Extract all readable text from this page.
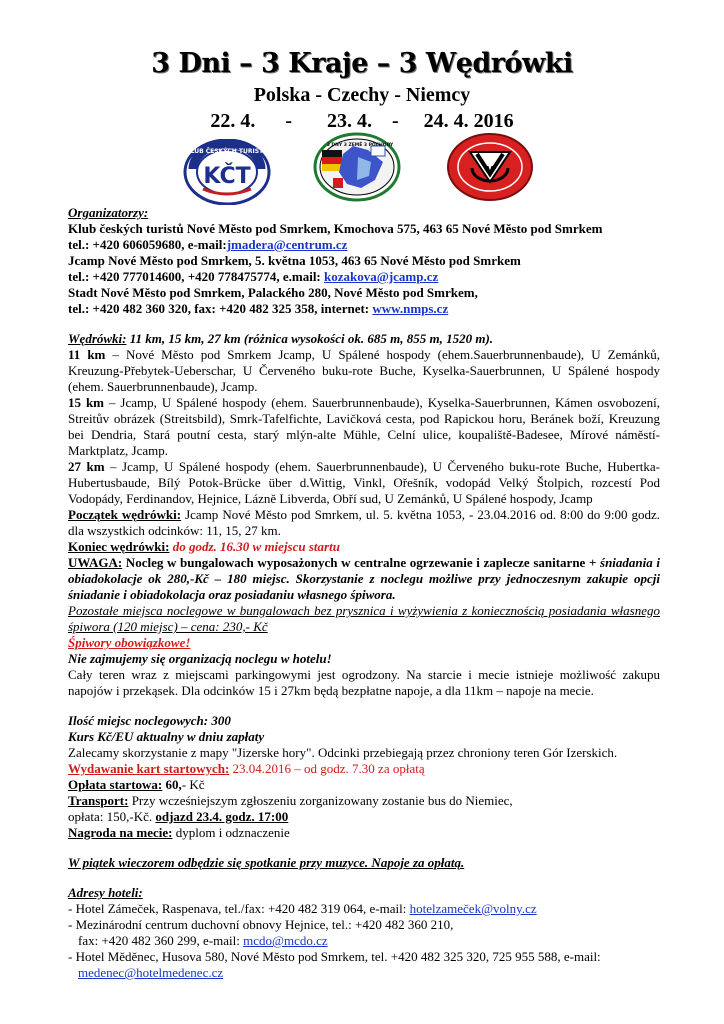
3 Dni – 3 Kraje – 3 Wędrówki
Polska - Czechy - Niemcy
22. 4. - 23. 4. - 24. 4. 2016
KLUB ČESKÝCH TURISTŮ
KČT
3 DNY 3 ZEMĚ 3 POCHODY
V

Organizatorzy:

Klub českých turistů Nové Město pod Smrkem, Kmochova 575, 463 65 Nové Město pod Smrkem

tel.: +420 606059680, e-mail:jmadera@centrum.cz

Jcamp Nové Město pod Smrkem, 5. května 1053, 463 65 Nové Město pod Smrkem

tel.: +420 777014600, +420 778475774, e.mail: kozakova@jcamp.cz

Stadt Nové Město pod Smrkem, Palackého 280, Nové Město pod Smrkem,

tel.: +420 482 360 320, fax: +420 482 325 358, internet: www.nmps.cz

Wędrówki: 11 km, 15 km, 27 km (różnica wysokości ok. 685 m, 855 m, 1520 m).

11 km – Nové Město pod Smrkem Jcamp, U Spálené hospody (ehem.Sauerbrunnenbaude), U Zemánků, Kreuzung-Přebytek-Ueberschar, U Červeného buku-rote Buche, Kyselka-Sauerbrunnen, U Spálené hospody (ehem. Sauerbrunnenbaude), Jcamp.

15 km – Jcamp, U Spálené hospody (ehem. Sauerbrunnenbaude), Kyselka-Sauerbrunnen, Kámen osvobození, Streitův obrázek (Streitsbild), Smrk-Tafelfichte, Lavičková cesta, pod Rapickou horu, Beránek boží, Kreuzung bei Dendria, Stará poutní cesta, starý mlýn-alte Mühle, Celní ulice, koupaliště-Badesee, Mírové náměstí-Marktplatz, Jcamp.

27 km – Jcamp, U Spálené hospody (ehem. Sauerbrunnenbaude), U Červeného buku-rote Buche, Hubertka-Hubertusbaude, Bílý Potok-Brücke über d.Wittig, Vinkl, Ořešník, vodopád Velký Štolpich, rozcestí Pod Vodopády, Ferdinandov, Hejnice, Lázně Libverda, Obří sud, U Zemánků, U Spálené hospody, Jcamp

Początek wędrówki: Jcamp Nové Město pod Smrkem, ul. 5. května 1053, - 23.04.2016 od. 8:00 do 9:00 godz. dla wszystkich odcinków: 11, 15, 27 km.

Koniec wędrówki: do godz. 16.30 w miejscu startu

UWAGA: Nocleg w bungalowach wyposażonych w centralne ogrzewanie i zaplecze sanitarne + śniadania i obiadokolacje ok 280,-Kč – 180 miejsc. Skorzystanie z noclegu możliwe przy jednoczesnym zakupie opcji śniadanie i obiadokolacja oraz posiadaniu własnego śpiwora.

Pozostałe miejsca noclegowe w bungalowach bez prysznica i wyżywienia z koniecznością posiadania własnego śpiwora (120 miejsc) – cena: 230,- Kč

Śpiwory obowiązkowe!

Nie zajmujemy się organizacją noclegu w hotelu!

Cały teren wraz z miejscami parkingowymi jest ogrodzony. Na starcie i mecie istnieje możliwość zakupu napojów i przekąsek. Dla odcinków 15 i 27km będą bezpłatne napoje, a dla 11km – napoje na mecie.

Ilość miejsc noclegowych: 300

Kurs Kč/EU aktualny w dniu zapłaty

Zalecamy skorzystanie z mapy "Jizerske hory". Odcinki przebiegają przez chroniony teren Gór Izerskich.

Wydawanie kart startowych: 23.04.2016 – od godz. 7.30 za opłatą

Opłata startowa: 60,- Kč

Transport: Przy wcześniejszym zgłoszeniu zorganizowany zostanie bus do Niemiec,

opłata: 150,-Kč. odjazd 23.4. godz. 17:00

Nagroda na mecie: dyplom i odznaczenie

W piątek wieczorem odbędzie się spotkanie przy muzyce. Napoje za opłatą.

Adresy hoteli:

- Hotel Zámeček, Raspenava, tel./fax: +420 482 319 064, e-mail: hotelzameček@volny.cz

- Mezinárodní centrum duchovní obnovy Hejnice, tel.: +420 482 360 210,

fax: +420 482 360 299, e-mail: mcdo@mcdo.cz

- Hotel Měděnec, Husova 580, Nové Město pod Smrkem, tel. +420 482 325 320, 725 955 588, e-mail:

medenec@hotelmedenec.cz
